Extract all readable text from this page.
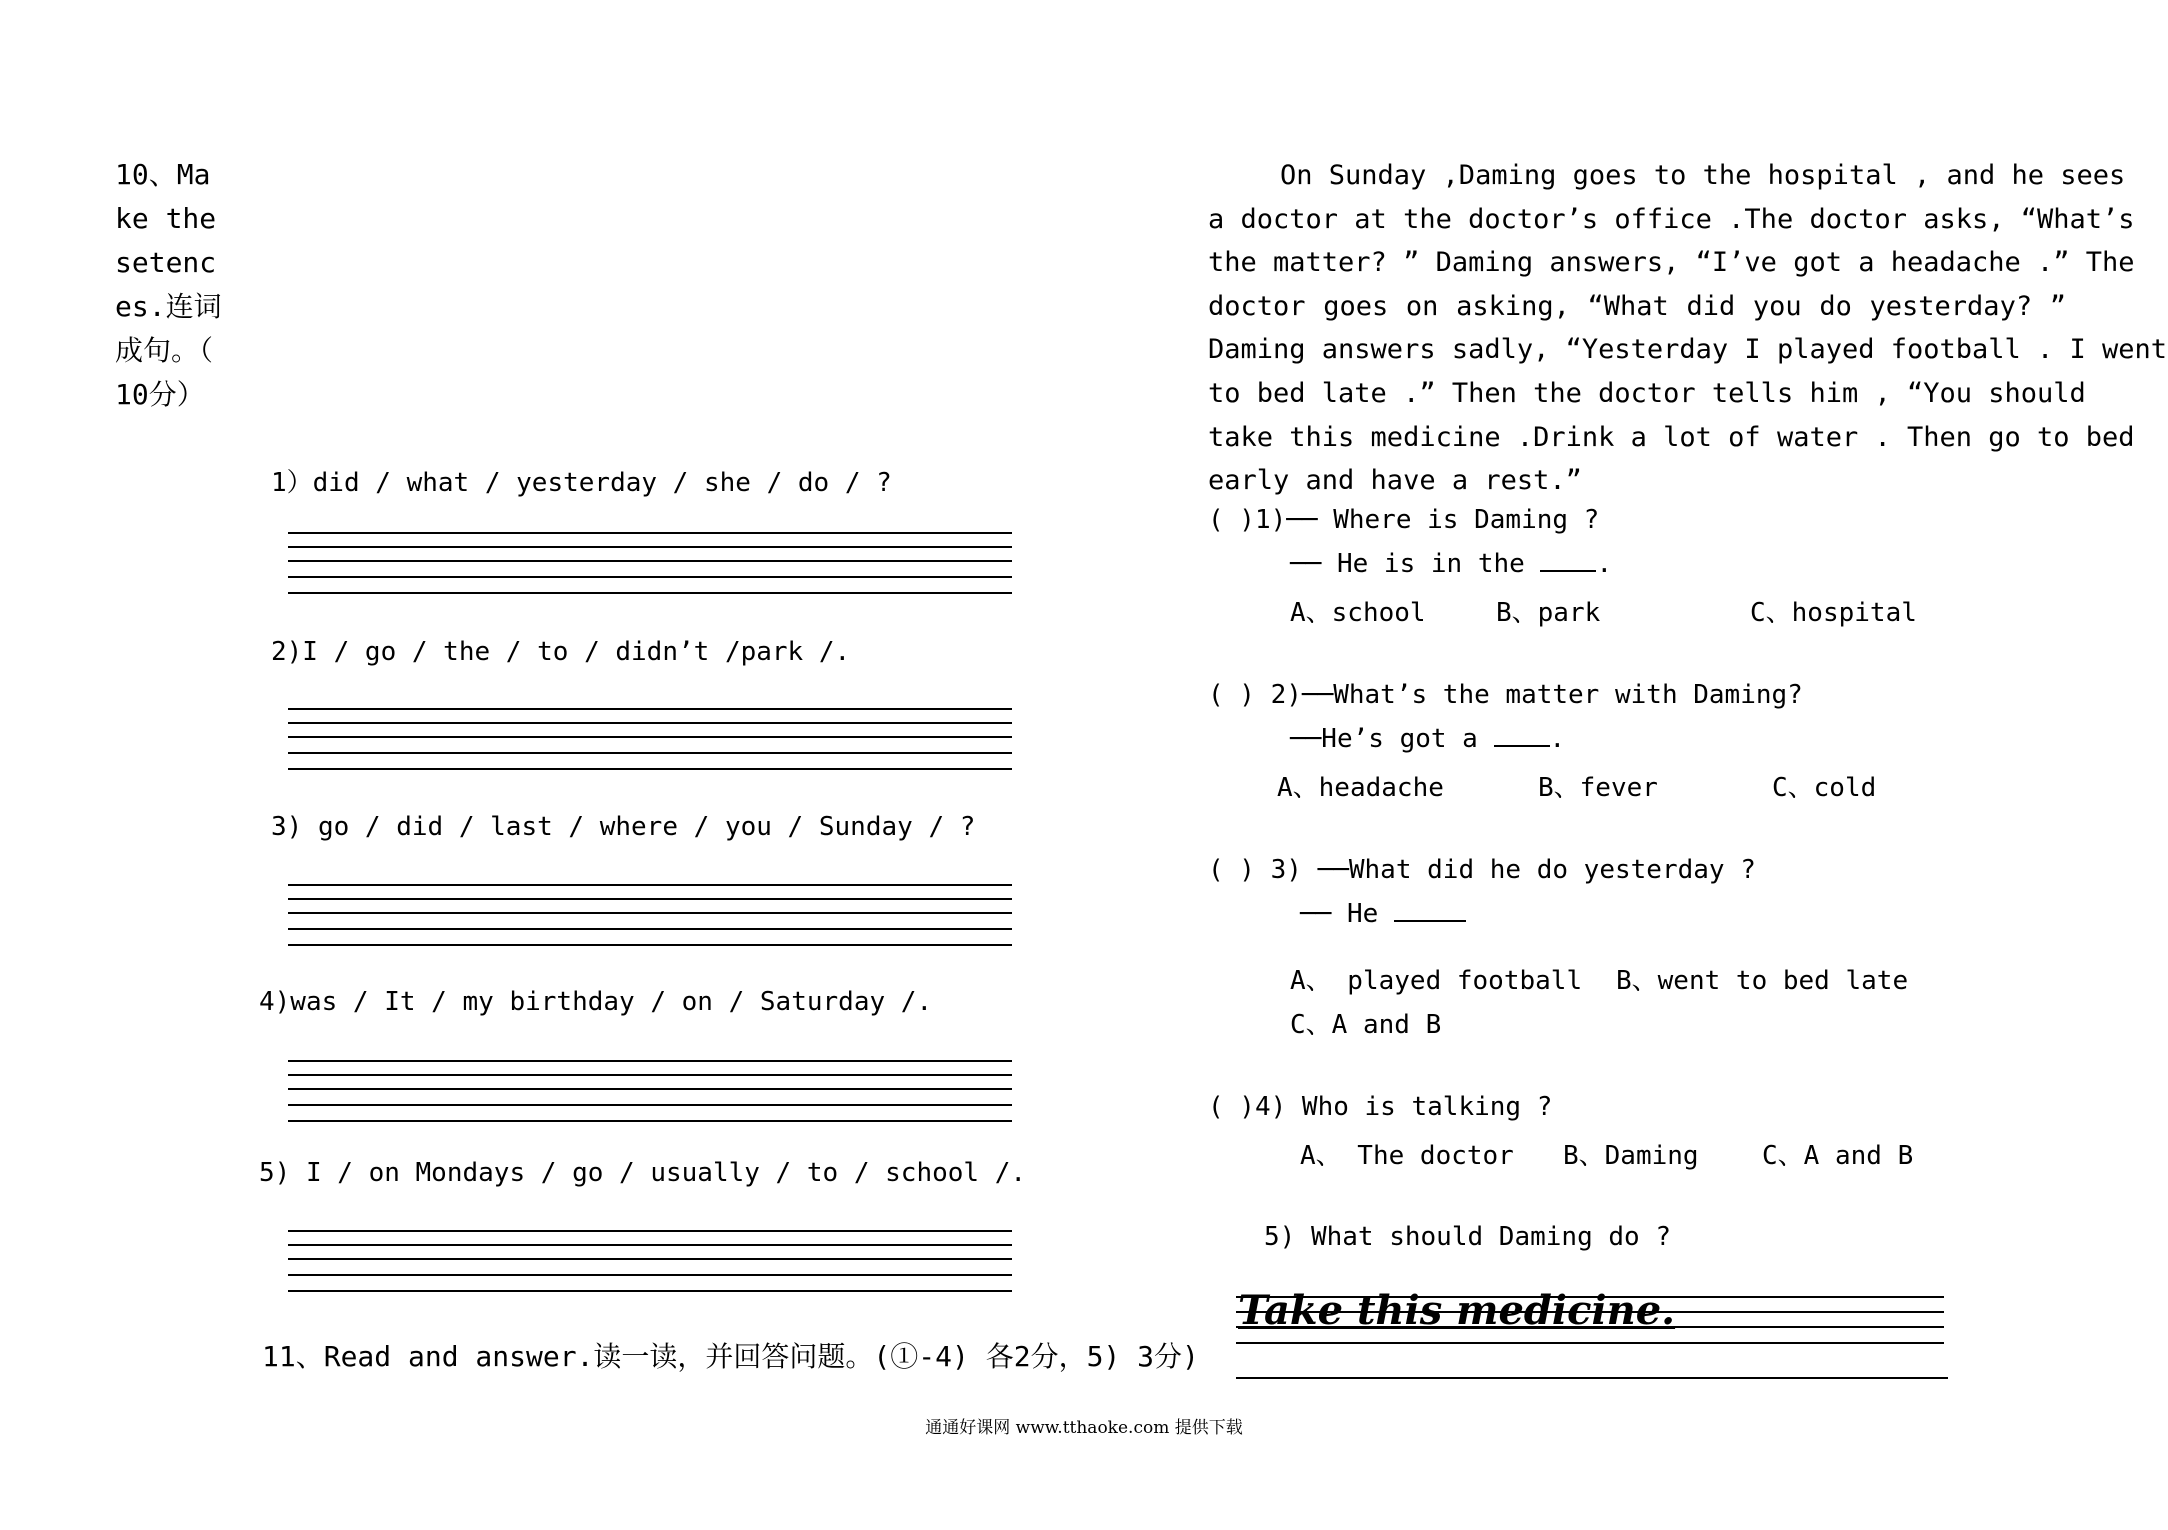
10、Make the setences.连词成句。（ 10分）
1）did / what / yesterday / she / do / ?
2)I / go / the / to / didn’t /park /.
3) go / did / last / where / you / Sunday / ?
4)was / It / my birthday / on / Saturday /.
5) I / on Mondays / go / usually / to / school /.
11、Read and answer.读一读，并回答问题。(①-4) 各2分，5) 3分)
On Sunday ,Daming goes to the hospital , and he sees
a doctor at the doctor’s office .The doctor asks, “What’s
the matter? ” Daming answers, “I’ve got a headache .” The
doctor goes on asking, “What did you do yesterday? ”
Daming answers sadly, “Yesterday I played football . I went
to bed late .” Then the doctor tells him , “You should
take this medicine .Drink a lot of water . Then go to bed
early and have a rest.”
( )1)── Where is Daming ?
── He is in the	.
A、school	B、park	C、hospital
( ) 2)──What’s the matter with Daming?
──He’s got a	.
A、headache	B、fever	C、cold
( ) 3) ──What did he do yesterday ?
── He
A、 played football B、went to bed late
C、A and B
( )4) Who is talking ?
A、 The doctor B、Daming C、A and B
5) What should Daming do ?
Take this medicine.
通通好课网 www.tthaoke.com 提供下载
